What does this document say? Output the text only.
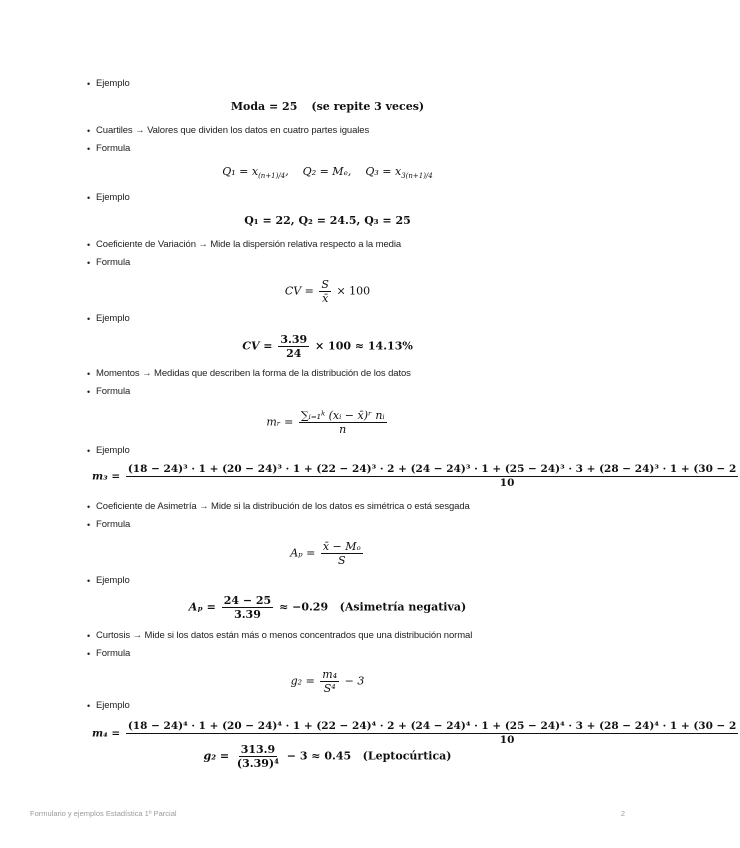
• Ejemplo
Moda = 25 (se repite 3 veces)
• Cuartiles → Valores que dividen los datos en cuatro partes iguales
• Formula
$Q_1 = x_{(n+1)/4}$,    Q₂ = Mₑ, $Q_3 = x_{3(n+1)/4}$
• Ejemplo
Q₁ = 22, Q₂ = 24.5, Q₃ = 25
• Coeficiente de Variación → Mide la dispersión relativa respecto a la media
• Formula
CV = $\frac{S}{x̄} \times 100$
• Ejemplo
CV = $\frac{3.39}{24} \times 100 \approx 14.13\%$
• Momentos → Medidas que describen la forma de la distribución de los datos
• Formula
mᵣ = $\frac{\text{∑ᵢ₌₁ᵏ (xᵢ − x̄)ʳ nᵢ}}{n}$
• Ejemplo
m₃ =
(18 − 24)³ · 1 + (20 − 24)³ · 1 + (22 − 24)³ · 2 + (24 − 24)³ · 1 + (25 − 24)³ · 3 + (28 − 24)³ · 1 + (30 − 2
10
• Coeficiente de Asimetría → Mide si la distribución de los datos es simétrica o está sesgada
• Formula
$A_p = \frac{\text{x̄ − Mₒ}}{S}$
• Ejemplo
$A_p = \frac{24 - 25}{3.39} \approx -0.29$ (Asimetría negativa)
• Curtosis → Mide si los datos están más o menos concentrados que una distribución normal
• Formula
$g_2 = \frac{\text{m₄}}{\text{S⁴}} - 3$
• Ejemplo
m₄ =
(18 − 24)⁴ · 1 + (20 − 24)⁴ · 1 + (22 − 24)⁴ · 2 + (24 − 24)⁴ · 1 + (25 − 24)⁴ · 3 + (28 − 24)⁴ · 1 + (30 − 2
10
$g_2 = \frac{313.9}{\text{(3.39)⁴}} - 3 \approx 0.45$ (Leptocúrtica)
Formulario y ejemplos Estadística 1º Parcial	2
